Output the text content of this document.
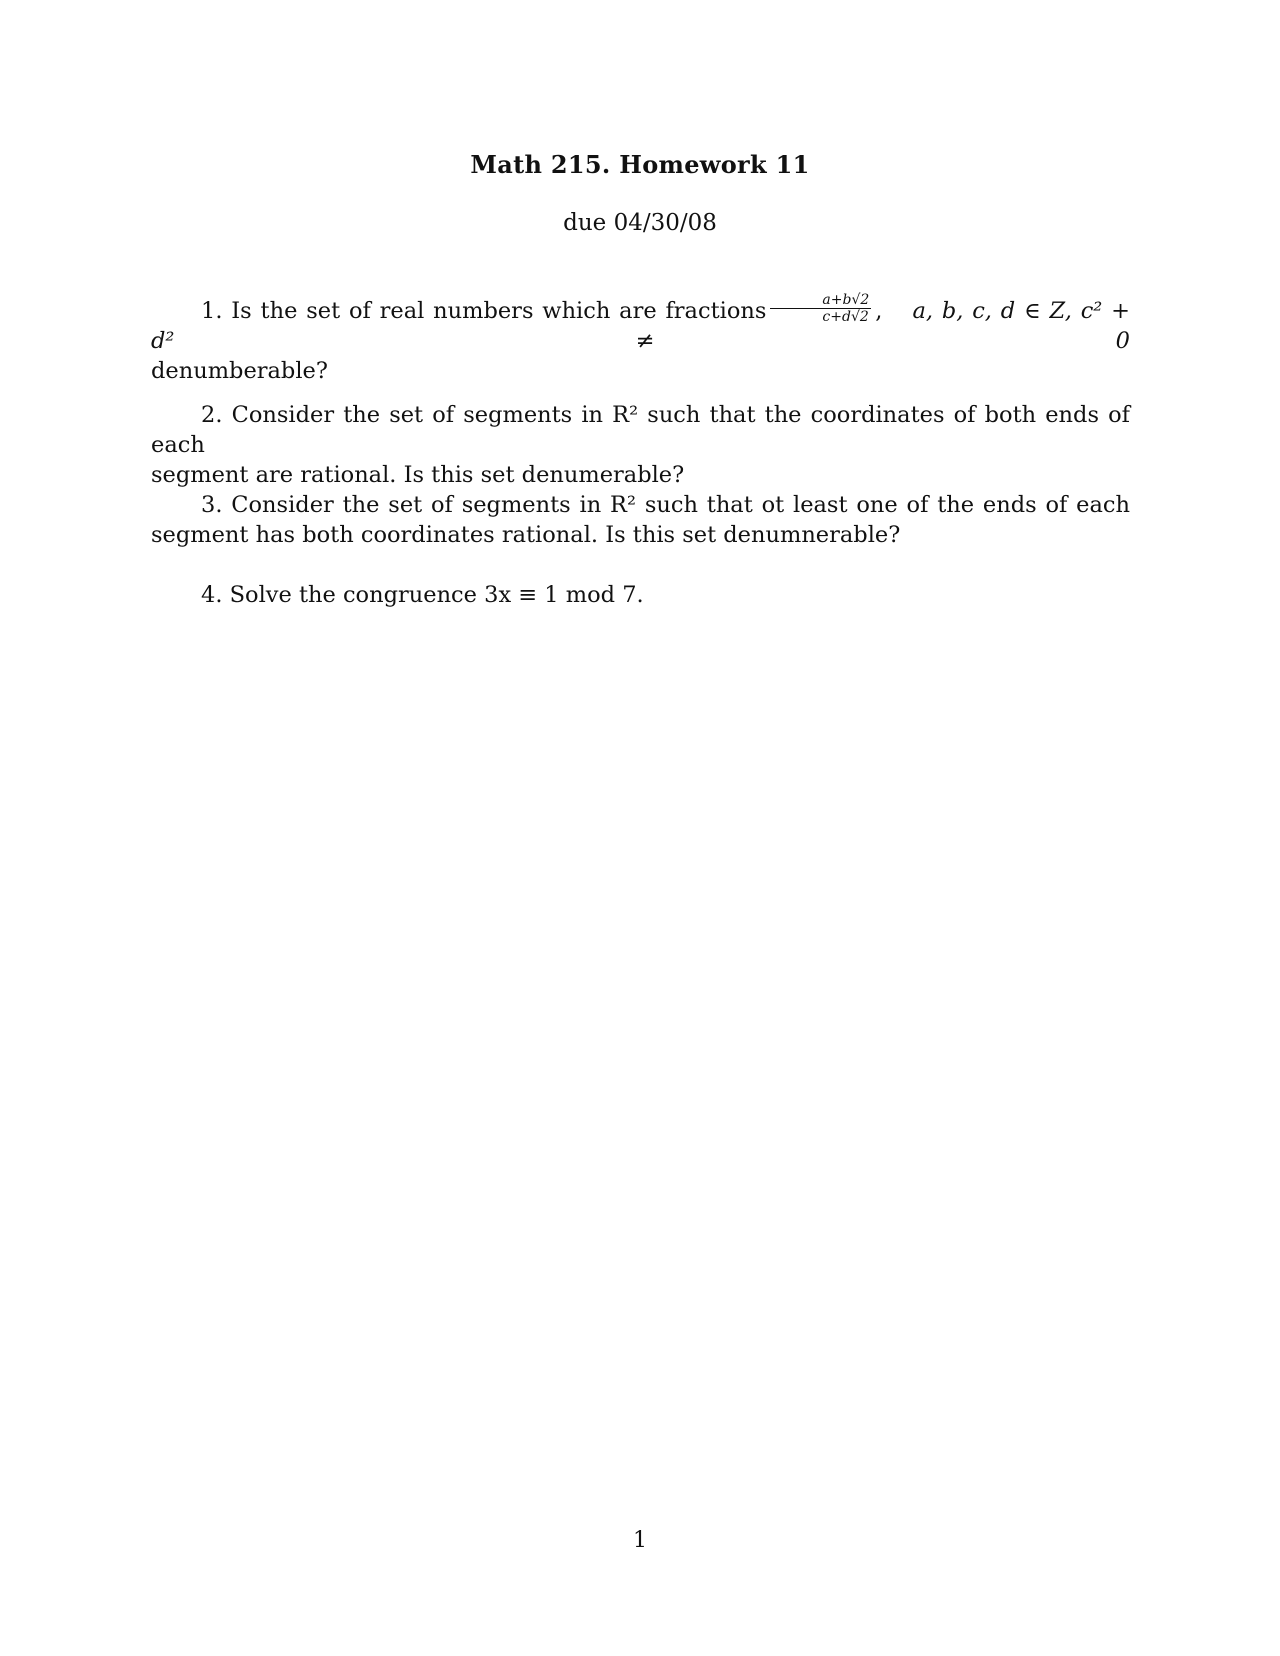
Math 215. Homework 11
due 04/30/08
1. Is the set of real numbers which are fractions $\frac{a+b√2}{c+d√2}$ , a, b, c, d ∈ Z, c² + d² ≠ 0
denumberable?
2. Consider the set of segments in R² such that the coordinates of both ends of each
segment are rational. Is this set denumerable?
3. Consider the set of segments in R² such that ot least one of the ends of each
segment has both coordinates rational. Is this set denumnerable?
4. Solve the congruence 3x ≡ 1 mod 7.
1
